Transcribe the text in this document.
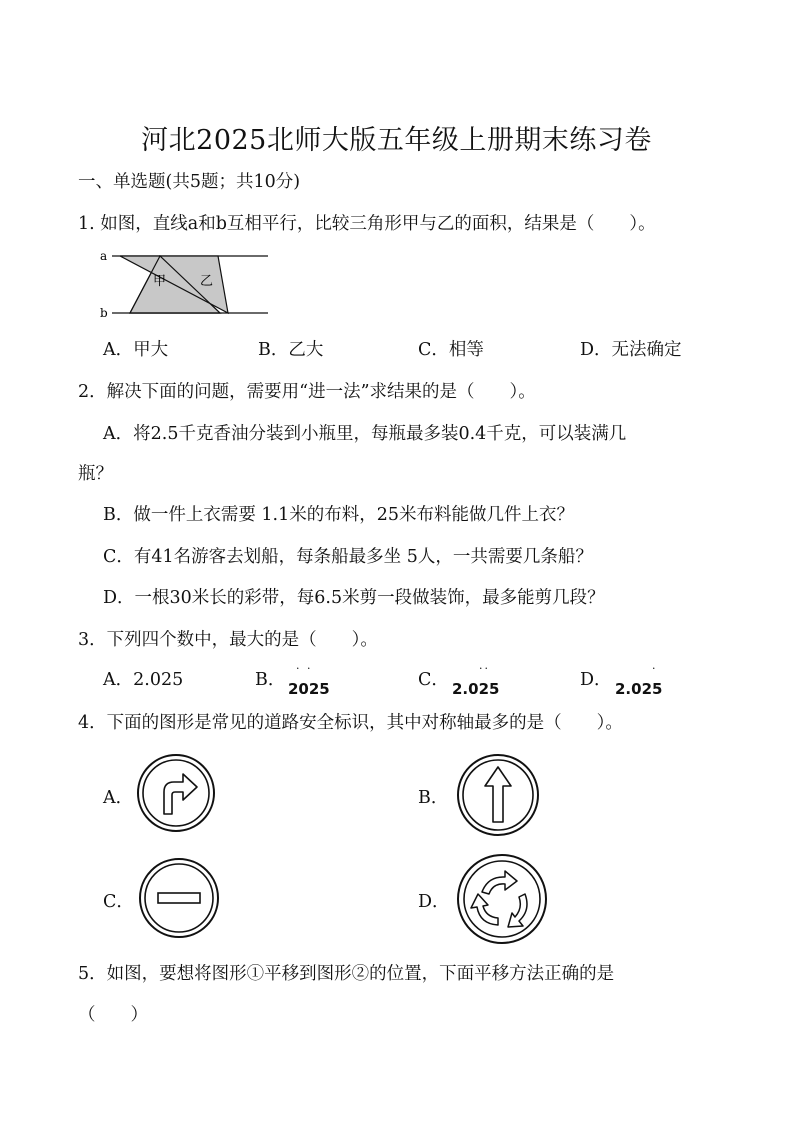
河北2025北师大版五年级上册期末练习卷
一、单选题(共5题；共10分)
1. 如图，直线a和b互相平行，比较三角形甲与乙的面积，结果是（　　）。
a
b
甲	乙
A．甲大	B．乙大	C．相等	D．无法确定
2．解决下面的问题，需要用“进一法”求结果的是（　　）。
A．将2.5千克香油分装到小瓶里，每瓶最多装0.4千克，可以装满几
瓶？
B．做一件上衣需要 1.1米的布料，25米布料能做几件上衣？
C．有41名游客去划船，每条船最多坐 5人，一共需要几条船？
D．一根30米长的彩带，每6.5米剪一段做装饰，最多能剪几段？
3．下列四个数中，最大的是（　　）。
A．2.025	B．
· ·
2025	C．
··
2.025	D．
·
2.025
4．下面的图形是常见的道路安全标识，其中对称轴最多的是（　　）。
A．	B．
C．	D．
5．如图，要想将图形①平移到图形②的位置，下面平移方法正确的是
（　　）
